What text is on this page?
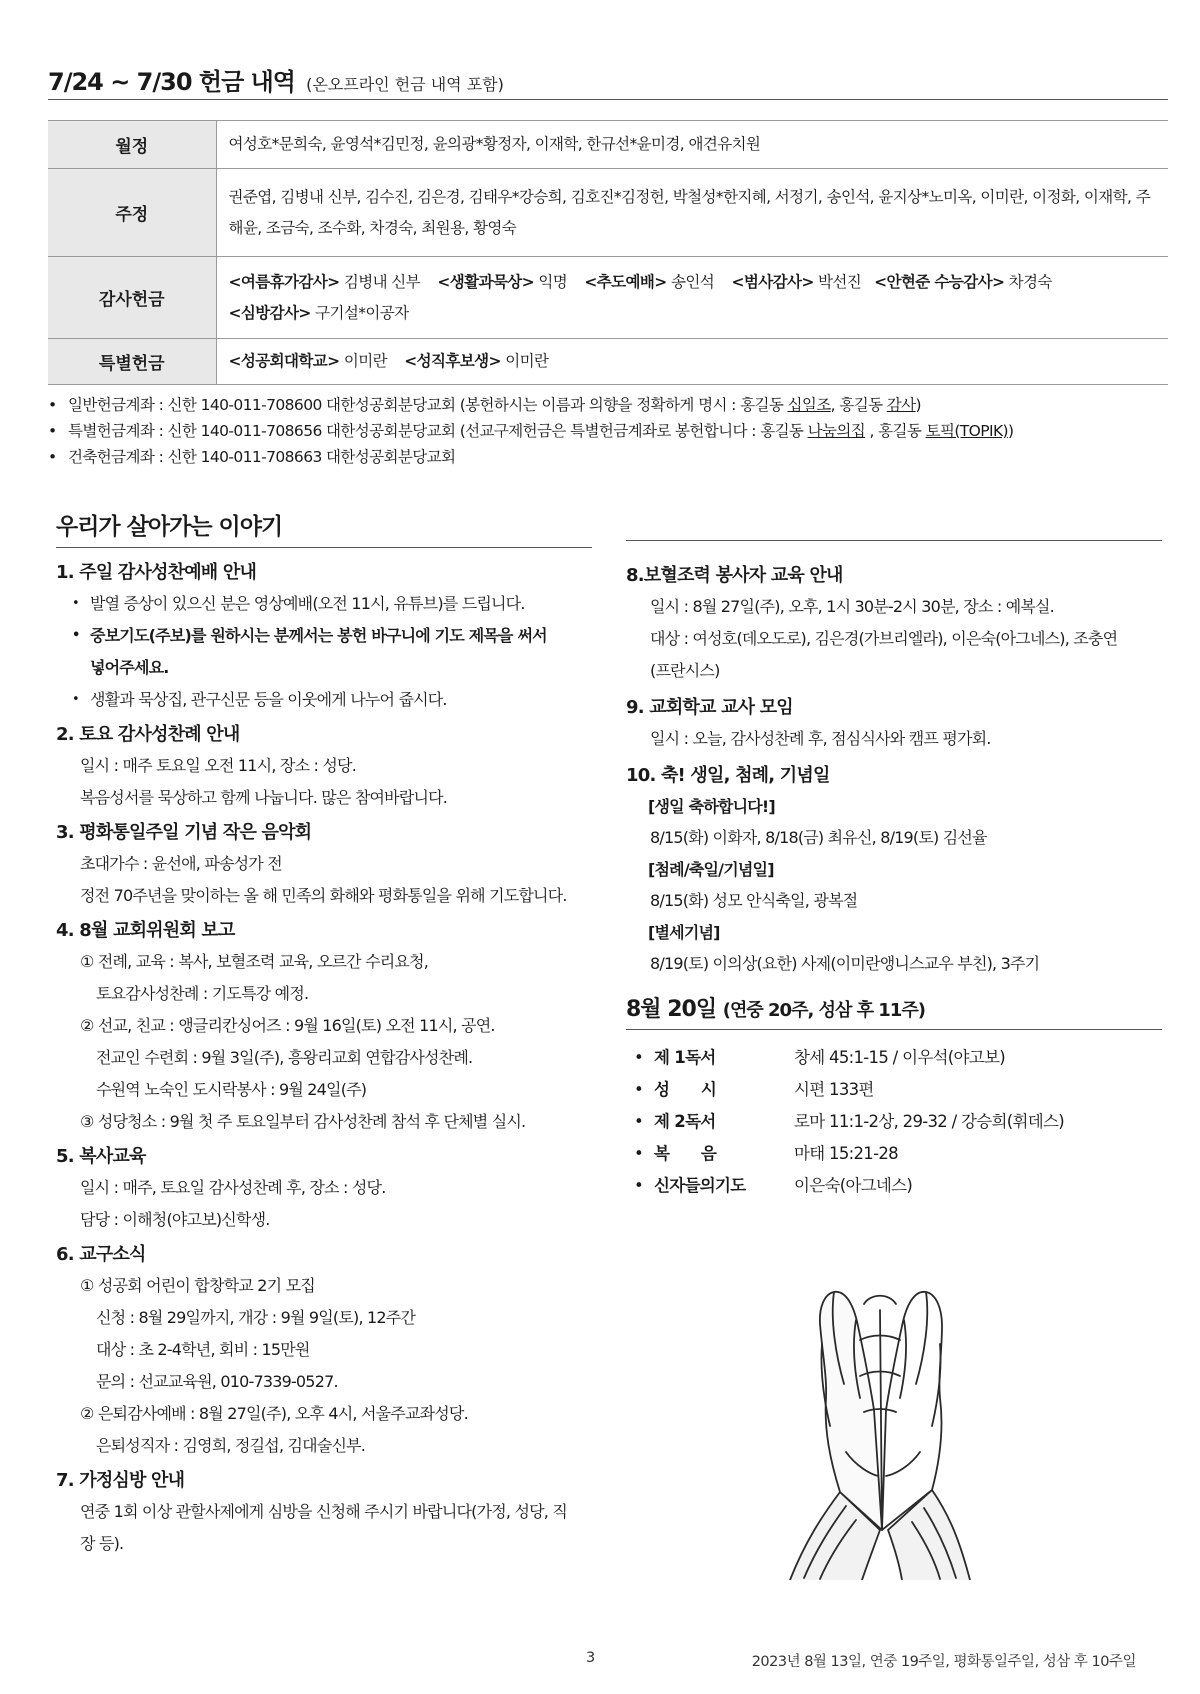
7/24 ~ 7/30 헌금 내역 (온오프라인 헌금 내역 포함)
월정	여성호*문희숙, 윤영석*김민정, 윤의광*황정자, 이재학, 한규선*윤미경, 애견유치원
주정	권준엽, 김병내 신부, 김수진, 김은경, 김태우*강승희, 김호진*김정헌, 박철성*한지혜, 서정기, 송인석, 윤지상*노미옥, 이미란, 이정화, 이재학, 주해윤, 조금숙, 조수화, 차경숙, 최원용, 황영숙
감사헌금	<여름휴가감사> 김병내 신부 <생활과묵상> 익명 <추도예배> 송인석 <범사감사> 박선진 <안현준 수능감사> 차경숙
<심방감사> 구기설*이공자
특별헌금	<성공회대학교> 이미란 <성직후보생> 이미란
• 일반헌금계좌 : 신한 140-011-708600 대한성공회분당교회 (봉헌하시는 이름과 의향을 정확하게 명시 : 홍길동 십일조, 홍길동 감사)
• 특별헌금계좌 : 신한 140-011-708656 대한성공회분당교회 (선교구제헌금은 특별헌금계좌로 봉헌합니다 : 홍길동 나눔의집 , 홍길동 토픽(TOPIK))
• 건축헌금계좌 : 신한 140-011-708663 대한성공회분당교회
우리가 살아가는 이야기
1. 주일 감사성찬예배 안내
• 발열 증상이 있으신 분은 영상예배(오전 11시, 유튜브)를 드립니다.
• 중보기도(주보)를 원하시는 분께서는 봉헌 바구니에 기도 제목을 써서
넣어주세요.
• 생활과 묵상집, 관구신문 등을 이웃에게 나누어 줍시다.
2. 토요 감사성찬례 안내
일시 : 매주 토요일 오전 11시, 장소 : 성당.
복음성서를 묵상하고 함께 나눕니다. 많은 참여바랍니다.
3. 평화통일주일 기념 작은 음악회
초대가수 : 윤선애, 파송성가 전
정전 70주년을 맞이하는 올 해 민족의 화해와 평화통일을 위해 기도합니다.
4. 8월 교회위원회 보고
① 전례, 교육 : 복사, 보혈조력 교육, 오르간 수리요청,
토요감사성찬례 : 기도특강 예정.
② 선교, 친교 : 앵글리칸싱어즈 : 9월 16일(토) 오전 11시, 공연.
전교인 수련회 : 9월 3일(주), 흥왕리교회 연합감사성찬례.
수원역 노숙인 도시락봉사 : 9월 24일(주)
③ 성당청소 : 9월 첫 주 토요일부터 감사성찬례 참석 후 단체별 실시.
5. 복사교육
일시 : 매주, 토요일 감사성찬례 후, 장소 : 성당.
담당 : 이해청(야고보)신학생.
6. 교구소식
① 성공회 어린이 합창학교 2기 모집
신청 : 8월 29일까지, 개강 : 9월 9일(토), 12주간
대상 : 초 2-4학년, 회비 : 15만원
문의 : 선교교육원, 010-7339-0527.
② 은퇴감사예배 : 8월 27일(주), 오후 4시, 서울주교좌성당.
은퇴성직자 : 김영희, 정길섭, 김대술신부.
7. 가정심방 안내
연중 1회 이상 관할사제에게 심방을 신청해 주시기 바랍니다(가정, 성당, 직
장 등).
8.보혈조력 봉사자 교육 안내
일시 : 8월 27일(주), 오후, 1시 30분-2시 30분, 장소 : 예복실.
대상 : 여성호(데오도로), 김은경(가브리엘라), 이은숙(아그네스), 조충연
(프란시스)
9. 교회학교 교사 모임
일시 : 오늘, 감사성찬례 후, 점심식사와 캠프 평가회.
10. 축! 생일, 첨례, 기념일
[생일 축하합니다!]
8/15(화) 이화자, 8/18(금) 최유신, 8/19(토) 김선율
[첨례/축일/기념일]
8/15(화) 성모 안식축일, 광복절
[별세기념]
8/19(토) 이의상(요한) 사제(이미란앵니스교우 부친), 3주기
8월 20일 (연중 20주, 성삼 후 11주)
• 제 1독서	창세 45:1-15 / 이우석(야고보)
• 성　　시	시편 133편
• 제 2독서	로마 11:1-2상, 29-32 / 강승희(휘데스)
• 복　　음	마태 15:21-28
• 신자들의기도	이은숙(아그네스)
3	2023년 8월 13일, 연중 19주일, 평화통일주일, 성삼 후 10주일
